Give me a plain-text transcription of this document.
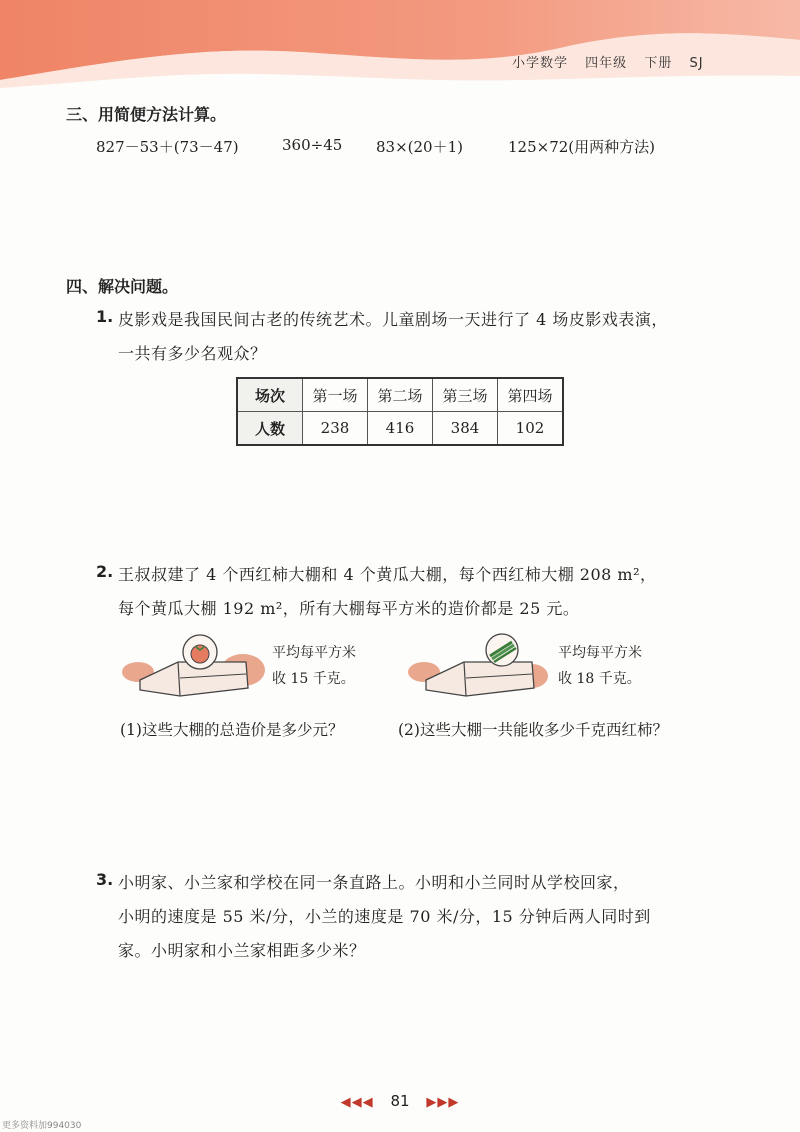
小学数学 四年级 下册 SJ
三、用简便方法计算。
827－53＋(73－47)	360÷45 83×(20＋1)	125×72(用两种方法)
四、解决问题。
1. 皮影戏是我国民间古老的传统艺术。儿童剧场一天进行了 4 场皮影戏表演，
一共有多少名观众？
场次	第一场	第二场	第三场	第四场
人数	238	416	384	102
2. 王叔叔建了 4 个西红柿大棚和 4 个黄瓜大棚，每个西红柿大棚 208 m²，
每个黄瓜大棚 192 m²，所有大棚每平方米的造价都是 25 元。
平均每平方米
收 15 千克。
平均每平方米
收 18 千克。
(1)这些大棚的总造价是多少元？	(2)这些大棚一共能收多少千克西红柿？
3. 小明家、小兰家和学校在同一条直路上。小明和小兰同时从学校回家，
小明的速度是 55 米/分，小兰的速度是 70 米/分，15 分钟后两人同时到
家。小明家和小兰家相距多少米？
◀◀◀ 81 ▶▶▶
更多资料加994030
